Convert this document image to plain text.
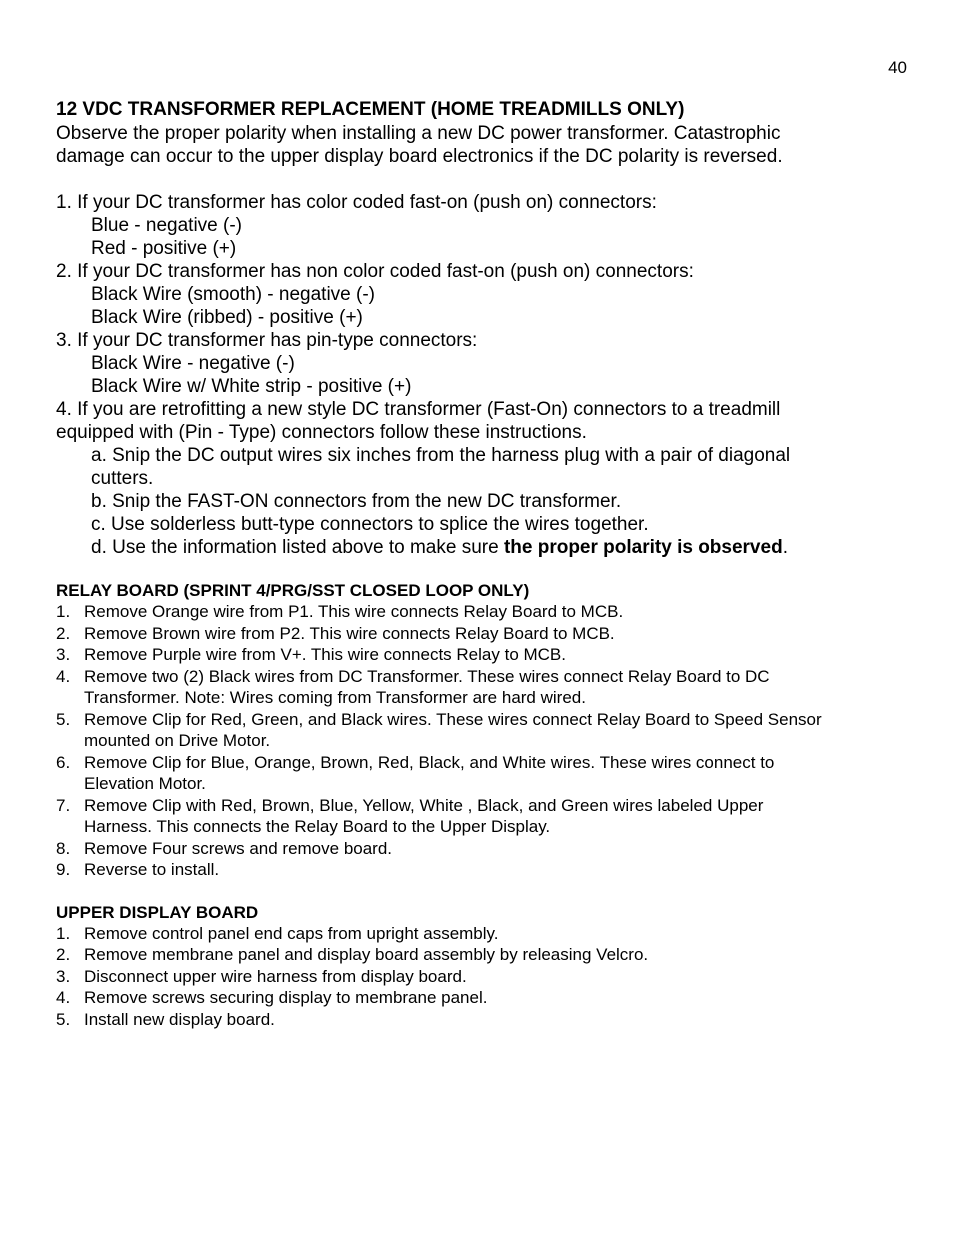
40

12 VDC TRANSFORMER REPLACEMENT (HOME TREADMILLS ONLY)

Observe the proper polarity when installing a new DC power transformer. Catastrophic

damage can occur to the upper display board electronics if the DC polarity is reversed.

1. If your DC transformer has color coded fast-on (push on) connectors:

Blue - negative (-)

Red - positive (+)

2. If your DC transformer has non color coded fast-on (push on) connectors:

Black Wire (smooth) - negative (-)

Black Wire (ribbed) - positive (+)

3. If your DC transformer has pin-type connectors:

Black Wire - negative (-)

Black Wire w/ White strip - positive (+)

4. If you are retrofitting a new style DC transformer (Fast-On) connectors to a treadmill

equipped with (Pin - Type) connectors follow these instructions.

a. Snip the DC output wires six inches from the harness plug with a pair of diagonal

cutters.

b. Snip the FAST-ON connectors from the new DC transformer.

c. Use solderless butt-type connectors to splice the wires together.

d. Use the information listed above to make sure the proper polarity is observed.

RELAY BOARD (SPRINT 4/PRG/SST CLOSED LOOP ONLY)

1. Remove Orange wire from P1. This wire connects Relay Board to MCB.
2. Remove Brown wire from P2. This wire connects Relay Board to MCB.
3. Remove Purple wire from V+. This wire connects Relay to MCB.
4. Remove two (2) Black wires from DC Transformer. These wires connect Relay Board to DC
Transformer. Note: Wires coming from Transformer are hard wired.
5. Remove Clip for Red, Green, and Black wires. These wires connect Relay Board to Speed Sensor
mounted on Drive Motor.
6. Remove Clip for Blue, Orange, Brown, Red, Black, and White wires. These wires connect to
Elevation Motor.
7. Remove Clip with Red, Brown, Blue, Yellow, White , Black, and Green wires labeled Upper
Harness. This connects the Relay Board to the Upper Display.
8. Remove Four screws and remove board.
9. Reverse to install.

UPPER DISPLAY BOARD

1. Remove control panel end caps from upright assembly.
2. Remove membrane panel and display board assembly by releasing Velcro.
3. Disconnect upper wire harness from display board.
4. Remove screws securing display to membrane panel.
5. Install new display board.
